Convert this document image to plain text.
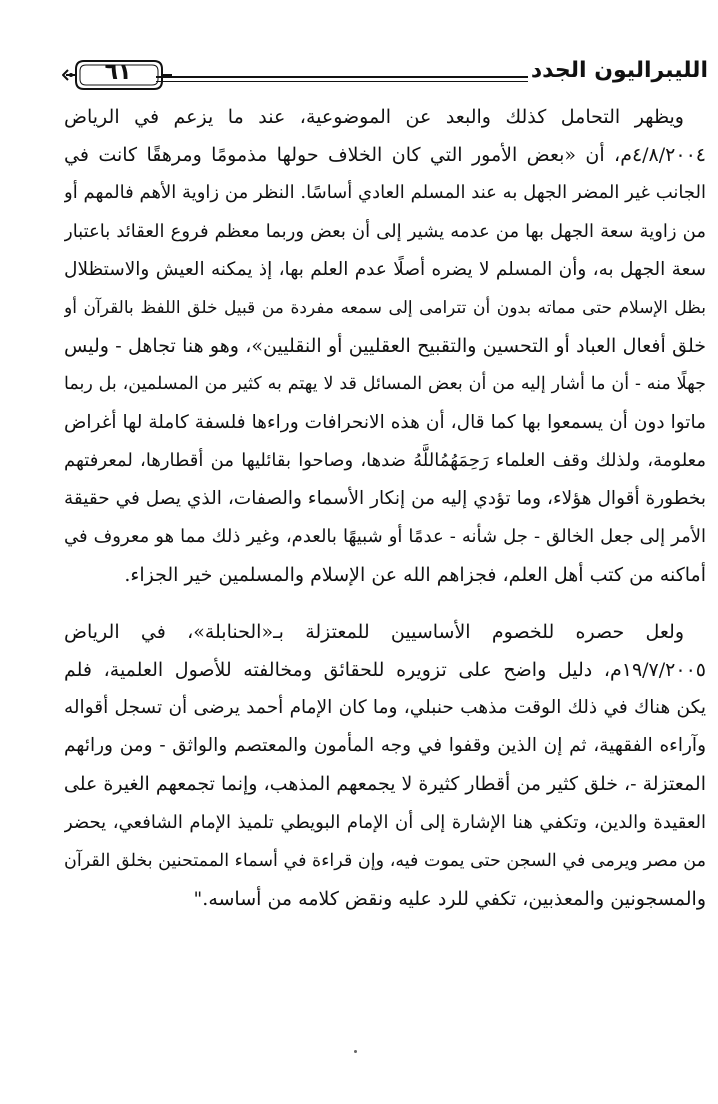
٦١	الليبراليون الجدد

ويظهر التحامل كذلك والبعد عن الموضوعية، عند ما يزعم في الرياض
٤/٨/٢٠٠٤م، أن «بعض الأمور التي كان الخلاف حولها مذمومًا ومرهقًا كانت في
الجانب غير المضر الجهل به عند المسلم العادي أساسًا. النظر من زاوية الأهم فالمهم أو
من زاوية سعة الجهل بها من عدمه يشير إلى أن بعض وربما معظم فروع العقائد باعتبار
سعة الجهل به، وأن المسلم لا يضره أصلًا عدم العلم بها، إذ يمكنه العيش والاستظلال
بظل الإسلام حتى مماته بدون أن تترامى إلى سمعه مفردة من قبيل خلق اللفظ بالقرآن أو
خلق أفعال العباد أو التحسين والتقبيح العقليين أو النقليين»، وهو هنا تجاهل - وليس
جهلًا منه - أن ما أشار إليه من أن بعض المسائل قد لا يهتم به كثير من المسلمين، بل ربما
ماتوا دون أن يسمعوا بها كما قال، أن هذه الانحرافات وراءها فلسفة كاملة لها أغراض
معلومة، ولذلك وقف العلماء رَحِمَهُمُاللَّهُ ضدها، وصاحوا بقائليها من أقطارها، لمعرفتهم
بخطورة أقوال هؤلاء، وما تؤدي إليه من إنكار الأسماء والصفات، الذي يصل في حقيقة
الأمر إلى جعل الخالق - جل شأنه - عدمًا أو شبيهًا بالعدم، وغير ذلك مما هو معروف في
أماكنه من كتب أهل العلم، فجزاهم الله عن الإسلام والمسلمين خير الجزاء.

ولعل حصره للخصوم الأساسيين للمعتزلة بـ«الحنابلة»، في الرياض
١٩/٧/٢٠٠٥م، دليل واضح على تزويره للحقائق ومخالفته للأصول العلمية، فلم
يكن هناك في ذلك الوقت مذهب حنبلي، وما كان الإمام أحمد يرضى أن تسجل أقواله
وآراءه الفقهية، ثم إن الذين وقفوا في وجه المأمون والمعتصم والواثق - ومن ورائهم
المعتزلة -، خلق كثير من أقطار كثيرة لا يجمعهم المذهب، وإنما تجمعهم الغيرة على
العقيدة والدين، وتكفي هنا الإشارة إلى أن الإمام البويطي تلميذ الإمام الشافعي، يحضر
من مصر ويرمى في السجن حتى يموت فيه، وإن قراءة في أسماء الممتحنين بخلق القرآن
والمسجونين والمعذبين، تكفي للرد عليه ونقض كلامه من أساسه."
